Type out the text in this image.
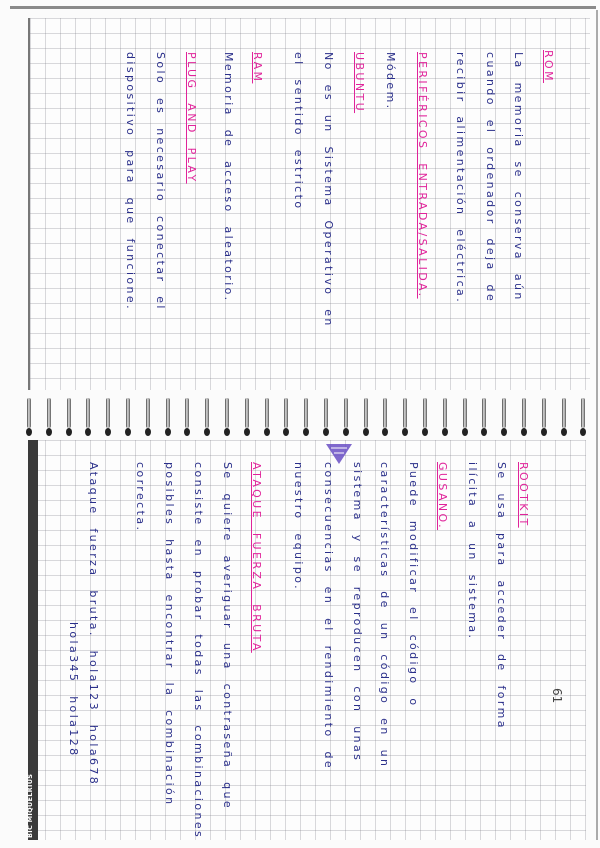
BIC MIQUELRIUS
61
ROM
La memoria se conserva aún
cuando el ordenador deja de
recibir alimentación eléctrica.
PERIFÉRICOS ENTRADA/SALIDA.
Módem.
UBUNTU
No es un Sistema Operativo en
el sentido estricto
RAM
Memoria de acceso aleatorio.
PLUG AND PLAY
Solo es necesario conectar el
dispositivo para que funcione.
ROOTKIT
Se usa para acceder de forma
ilícita a un sistema.
GUSANO.
Puede modificar el código o
características de un código en un
sistema y se reproducen con unas
consecuencias en el rendimiento de
nuestro equipo.
ATAQUE FUERZA BRUTA
Se quiere averiguar una contraseña que
consiste en probar todas las combinaciones
posibles hasta encontrar la combinación
correcta.
Ataque fuerza bruta. hola123 hola678
hola345 hola128
